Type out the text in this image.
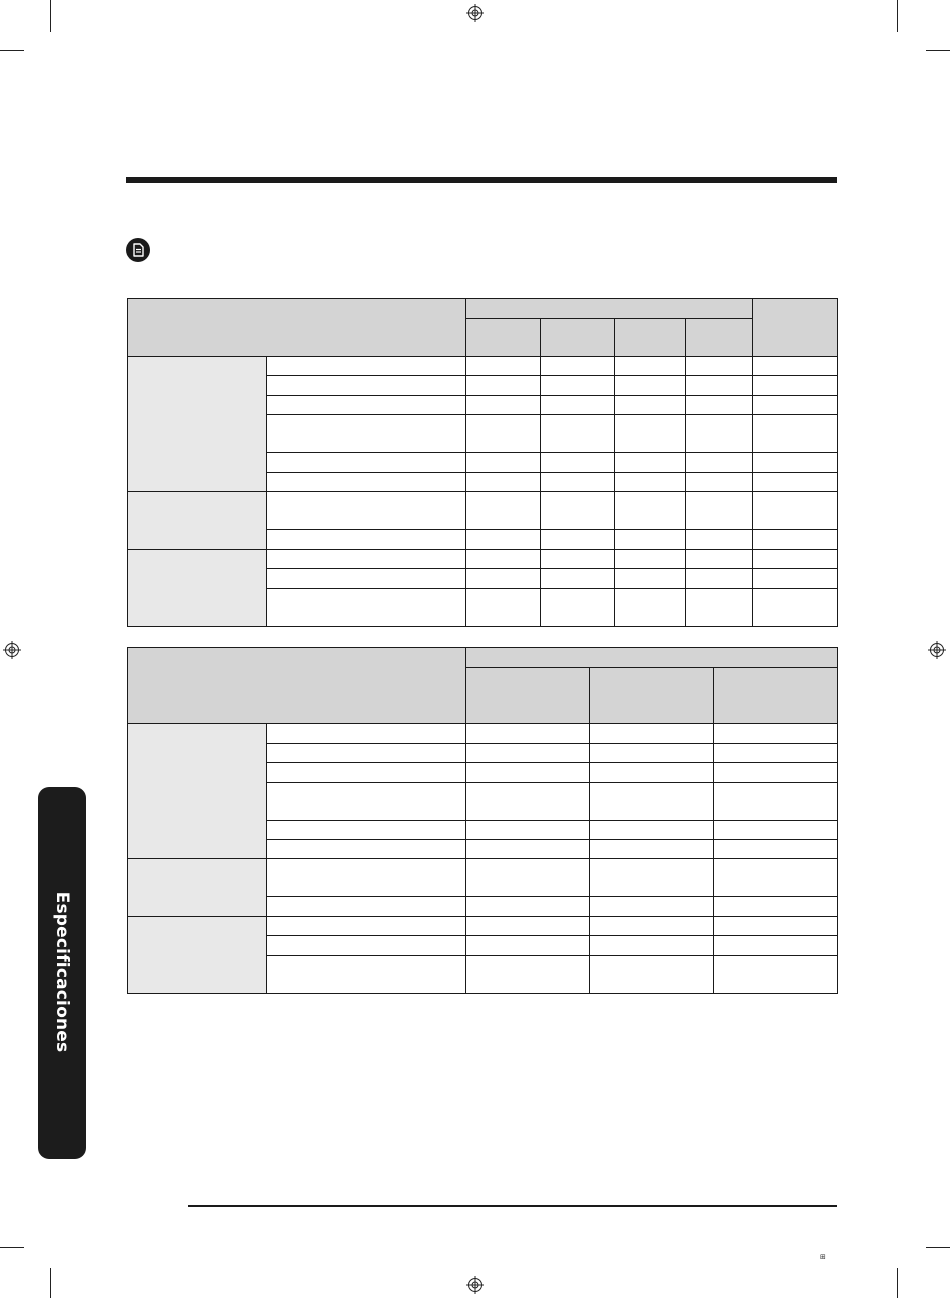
Especificaciones
⊞
